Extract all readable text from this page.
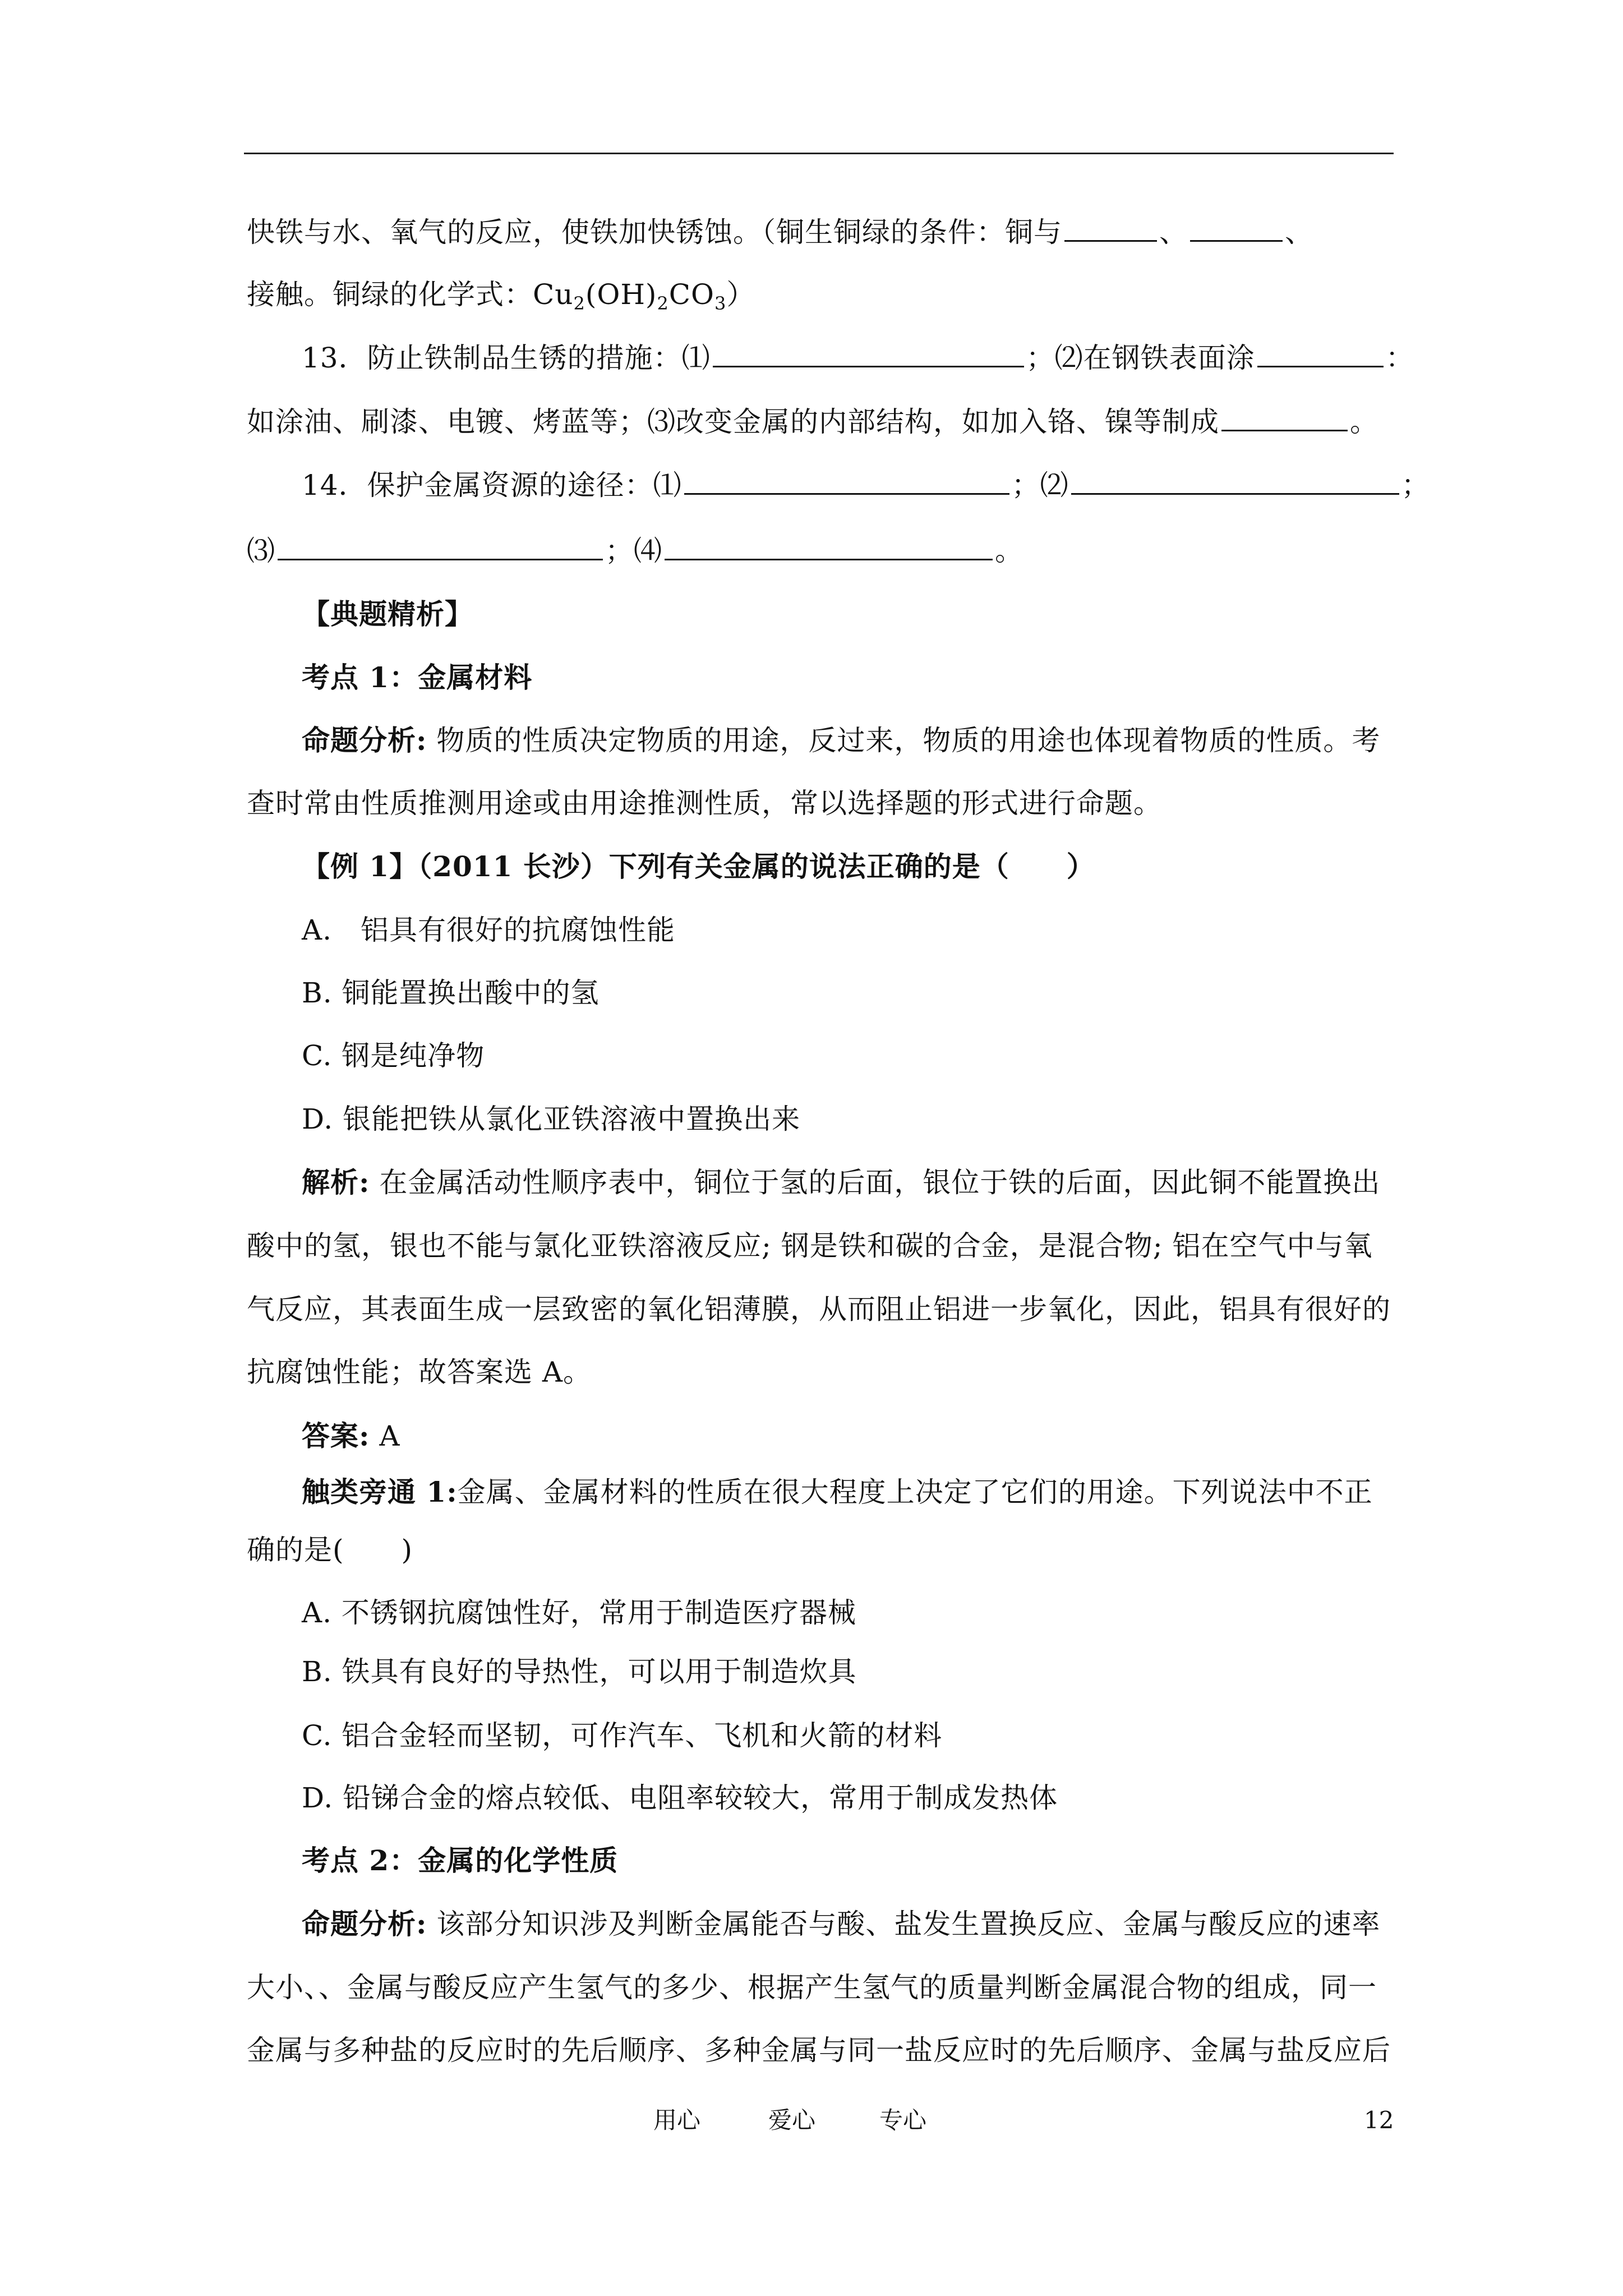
快铁与水、氧气的反应，使铁加快锈蚀。（铜生铜绿的条件：铜与	、	、
接触。铜绿的化学式：$Cu_2(OH)_2CO_3$）
13．防止铁制品生锈的措施：⑴	；⑵在钢铁表面涂	：
如涂油、刷漆、电镀、烤蓝等；⑶改变金属的内部结构，如加入铬、镍等制成	。
14．保护金属资源的途径：⑴	；⑵	；
⑶	；⑷	。
【典题精析】
考点 1：金属材料
命题分析: 物质的性质决定物质的用途，反过来，物质的用途也体现着物质的性质。考
查时常由性质推测用途或由用途推测性质，常以选择题的形式进行命题。
【例 1】（2011 长沙）下列有关金属的说法正确的是（　　）
A.　铝具有很好的抗腐蚀性能
B. 铜能置换出酸中的氢
C. 钢是纯净物
D. 银能把铁从氯化亚铁溶液中置换出来
解析: 在金属活动性顺序表中，铜位于氢的后面，银位于铁的后面，因此铜不能置换出
酸中的氢，银也不能与氯化亚铁溶液反应; 钢是铁和碳的合金，是混合物; 铝在空气中与氧
气反应，其表面生成一层致密的氧化铝薄膜，从而阻止铝进一步氧化，因此，铝具有很好的
抗腐蚀性能；故答案选 A。
答案: A
触类旁通 1:金属、金属材料的性质在很大程度上决定了它们的用途。下列说法中不正
确的是(　　)
A. 不锈钢抗腐蚀性好，常用于制造医疗器械
B. 铁具有良好的导热性，可以用于制造炊具
C. 铝合金轻而坚韧，可作汽车、飞机和火箭的材料
D. 铅锑合金的熔点较低、电阻率较较大，常用于制成发热体
考点 2：金属的化学性质
命题分析: 该部分知识涉及判断金属能否与酸、盐发生置换反应、金属与酸反应的速率
大小、、金属与酸反应产生氢气的多少、根据产生氢气的质量判断金属混合物的组成，同一
金属与多种盐的反应时的先后顺序、多种金属与同一盐反应时的先后顺序、金属与盐反应后
用心	爱心	专心	12
